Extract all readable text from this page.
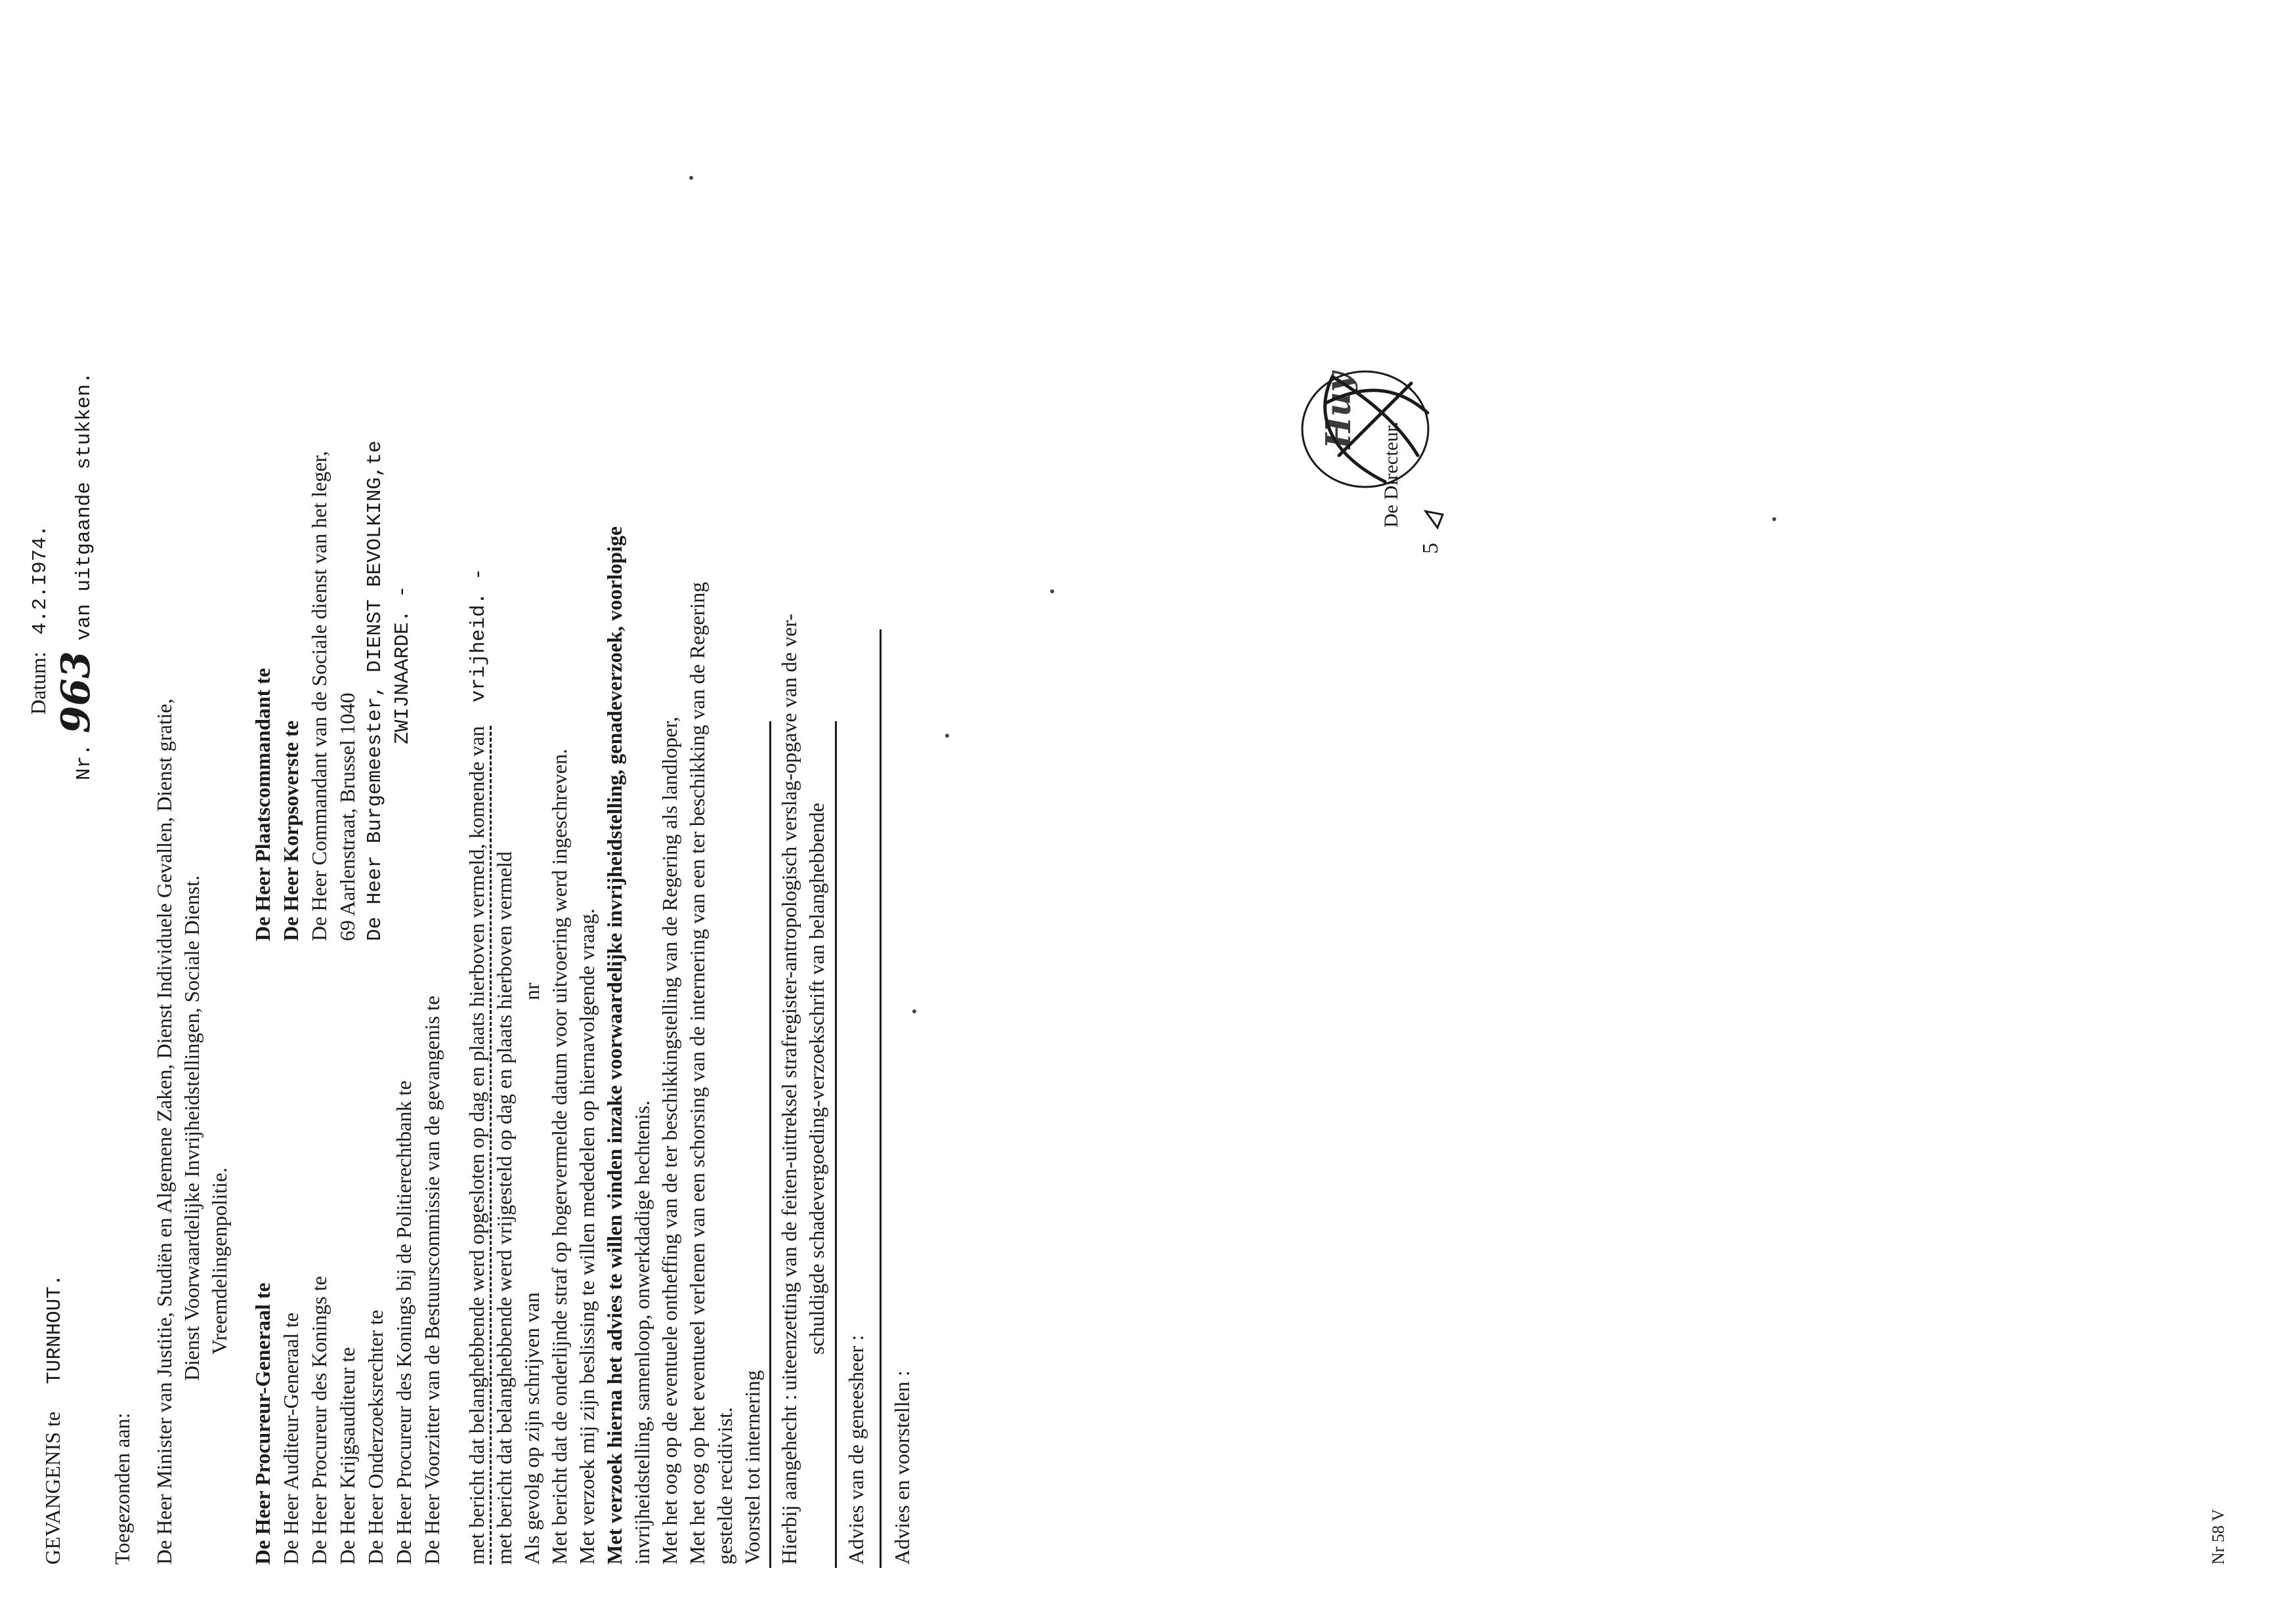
GEVANGENIS te TURNHOUT.
Datum: 4.2.I974.
Nr. 963 van uitgaande stukken.
Toegezonden aan: De Heer Minister van Justitie, Studiën en Algemene Zaken, Dienst Individuele Gevallen, Dienst gratie, Dienst Voorwaardelijke Invrijheidstellingen, Sociale Dienst. Vreemdelingenpolitie.
De Heer Procureur-Generaal te De Heer Auditeur-Generaal te De Heer Procureur des Konings te De Heer Krijgsauditeur te De Heer Onderzoeksrechter te De Heer Procureur des Konings bij de Politierechtbank te De Heer Voorzitter van de Bestuurscommissie van de gevangenis te
De Heer Plaatscommandant te De Heer Korpsoverste te De Heer Commandant van de Sociale dienst van het leger, 69 Aarlenstraat, Brussel 1040 De Heer Burgemeester, DIENST BEVOLKING,te ZWIJNAARDE. -
met bericht dat belanghebbende werd opgesloten op dag en plaats hierboven vermeld, komende van vrijheid. -
met bericht dat belanghebbende werd vrijgesteld op dag en plaats hierboven vermeld Als gevolg op zijn schrijven van
nr Met bericht dat de onderlijnde straf op hogervermelde datum voor uitvoering werd ingeschreven. Met verzoek mij zijn beslissing te willen mededelen op hiernavolgende vraag. Met verzoek hierna het advies te willen vinden inzake voorwaardelijke invrijheidstelling, genadeverzoek, voorlopige invrijheidstelling, samenloop, onwerkdadige hechtenis. Met het oog op de eventuele ontheffing van de ter beschikkingstelling van de Regering als landloper, Met het oog op het eventueel verlenen van een schorsing van de internering van een ter beschikking van de Regering gestelde recidivist. Voorstel tot internering Hierbij aangehecht :
uiteenzetting van de feiten-uittreksel strafregister-antropologisch verslag-opgave van de ver- schuldigde schadevergoeding-verzoekschrift van belanghebbende
Advies van de geneesheer : Advies en voorstellen :
De Directeur.
Huy
5
Nr 58 V
